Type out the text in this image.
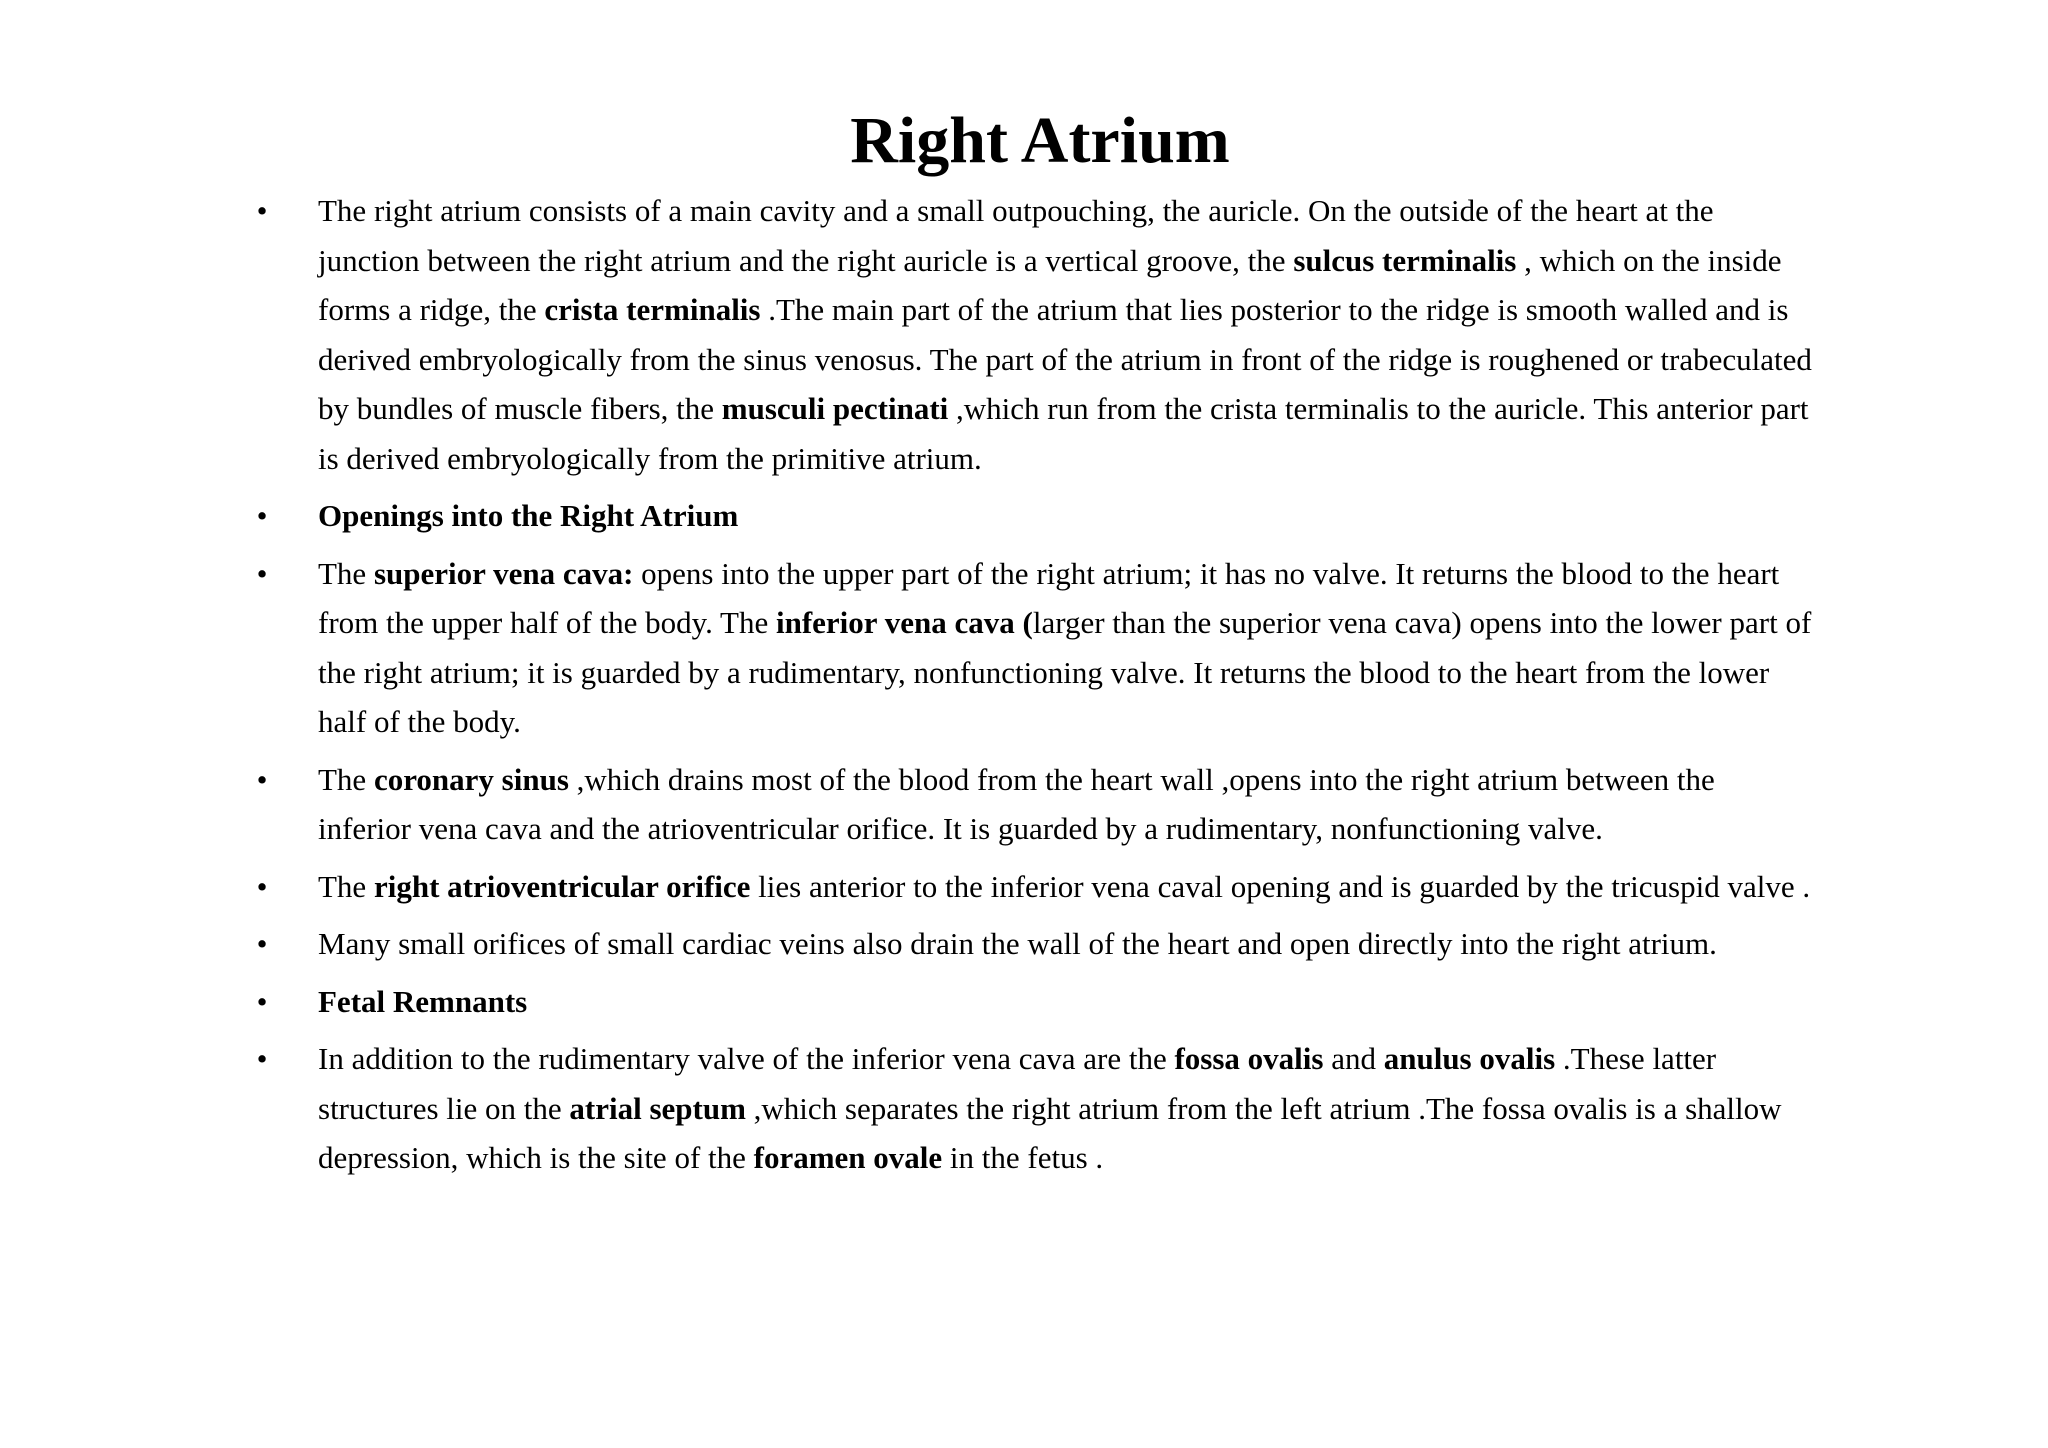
Right Atrium
• The right atrium consists of a main cavity and a small outpouching, the auricle. On the outside of the heart at the junction between the right atrium and the right auricle is a vertical groove, the sulcus terminalis , which on the inside forms a ridge, the crista terminalis .The main part of the atrium that lies posterior to the ridge is smooth walled and is derived embryologically from the sinus venosus. The part of the atrium in front of the ridge is roughened or trabeculated by bundles of muscle fibers, the musculi pectinati ,which run from the crista terminalis to the auricle. This anterior part is derived embryologically from the primitive atrium.
• Openings into the Right Atrium
• The superior vena cava: opens into the upper part of the right atrium; it has no valve. It returns the blood to the heart from the upper half of the body. The inferior vena cava (larger than the superior vena cava) opens into the lower part of the right atrium; it is guarded by a rudimentary, nonfunctioning valve. It returns the blood to the heart from the lower half of the body.
• The coronary sinus ,which drains most of the blood from the heart wall ,opens into the right atrium between the inferior vena cava and the atrioventricular orifice. It is guarded by a rudimentary, nonfunctioning valve.
• The right atrioventricular orifice lies anterior to the inferior vena caval opening and is guarded by the tricuspid valve .
• Many small orifices of small cardiac veins also drain the wall of the heart and open directly into the right atrium.
• Fetal Remnants
• In addition to the rudimentary valve of the inferior vena cava are the fossa ovalis and anulus ovalis .These latter structures lie on the atrial septum ,which separates the right atrium from the left atrium .The fossa ovalis is a shallow depression, which is the site of the foramen ovale in the fetus .
